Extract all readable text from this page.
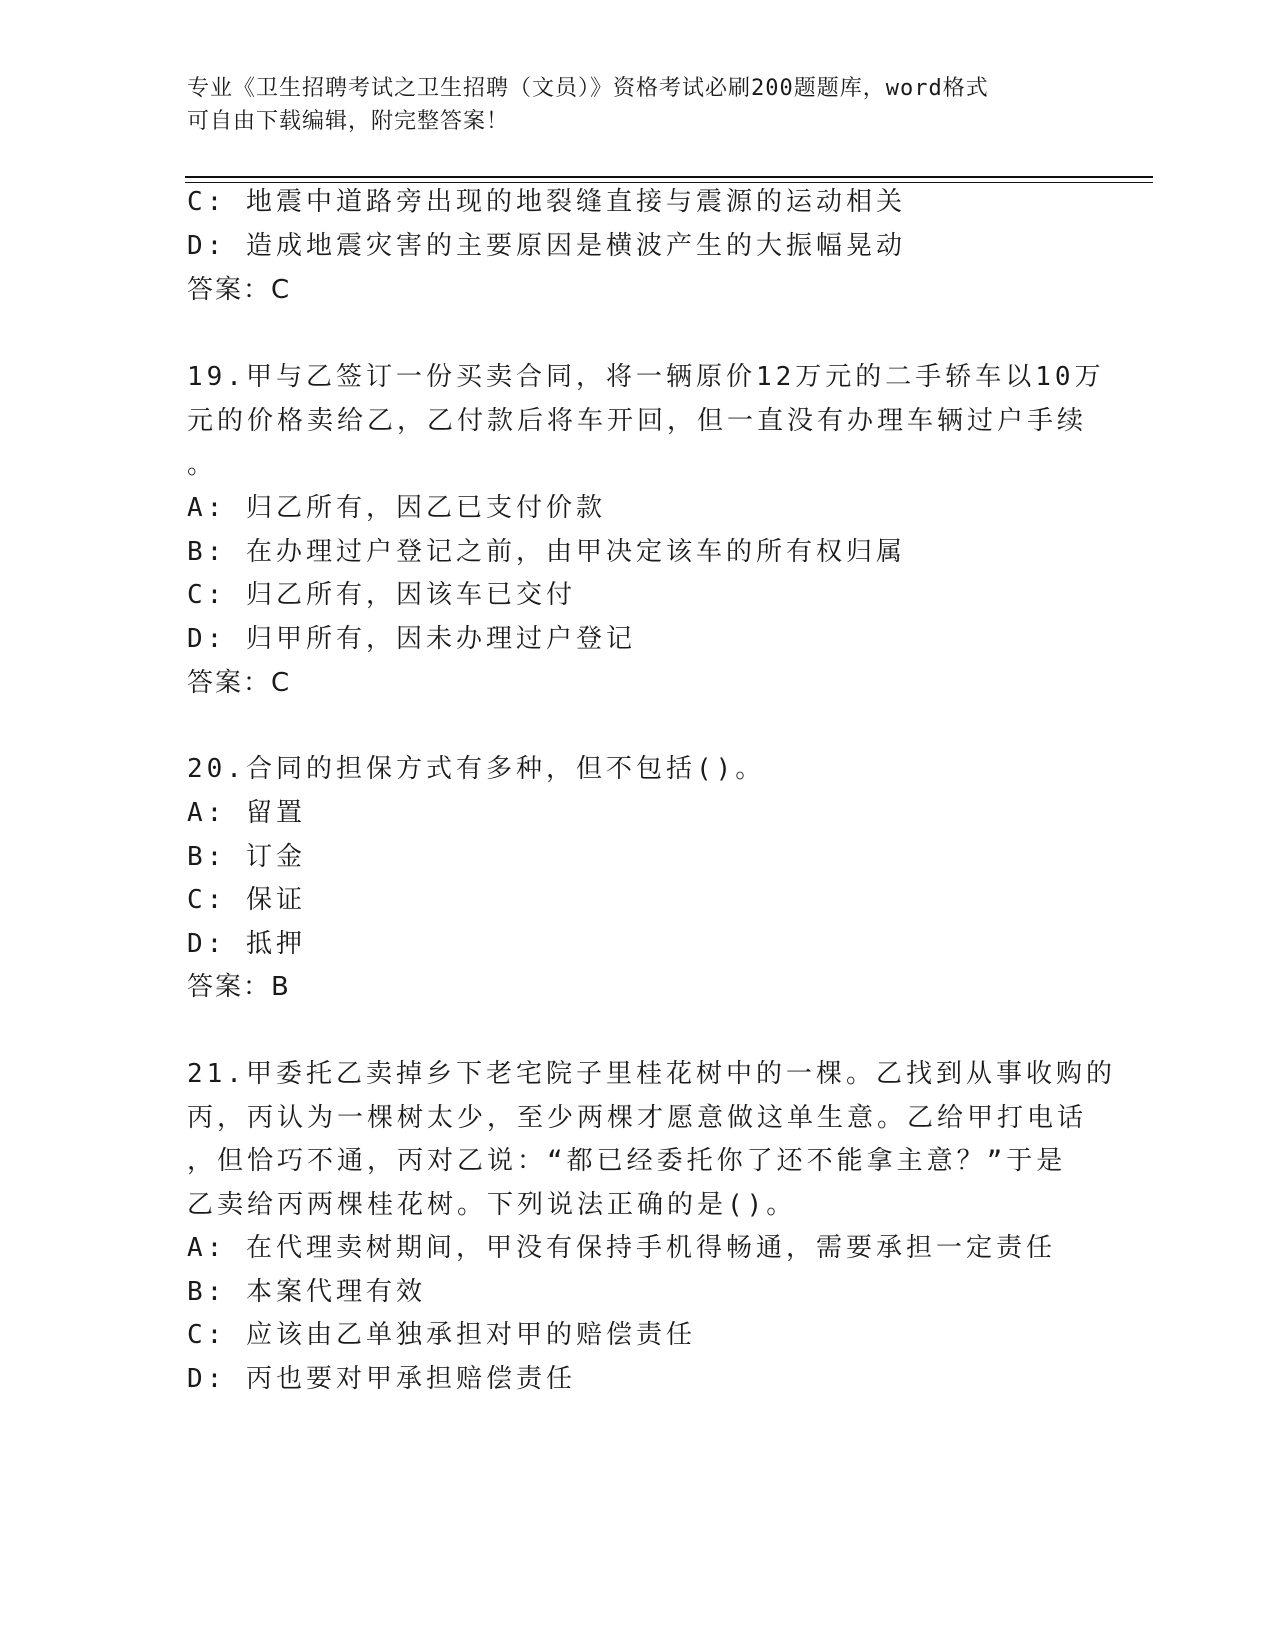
专业《卫生招聘考试之卫生招聘（文员）》资格考试必刷200题题库，word格式
可自由下载编辑，附完整答案！
C: 地震中道路旁出现的地裂缝直接与震源的运动相关
D: 造成地震灾害的主要原因是横波产生的大振幅晃动
答案：C
19.甲与乙签订一份买卖合同，将一辆原价12万元的二手轿车以10万
元的价格卖给乙，乙付款后将车开回，但一直没有办理车辆过户手续
。
A: 归乙所有，因乙已支付价款
B: 在办理过户登记之前，由甲决定该车的所有权归属
C: 归乙所有，因该车已交付
D: 归甲所有，因未办理过户登记
答案：C
20.合同的担保方式有多种，但不包括()。
A: 留置
B: 订金
C: 保证
D: 抵押
答案：B
21.甲委托乙卖掉乡下老宅院子里桂花树中的一棵。乙找到从事收购的
丙，丙认为一棵树太少，至少两棵才愿意做这单生意。乙给甲打电话
，但恰巧不通，丙对乙说：“都已经委托你了还不能拿主意？”于是
乙卖给丙两棵桂花树。下列说法正确的是()。
A: 在代理卖树期间，甲没有保持手机得畅通，需要承担一定责任
B: 本案代理有效
C: 应该由乙单独承担对甲的赔偿责任
D: 丙也要对甲承担赔偿责任
